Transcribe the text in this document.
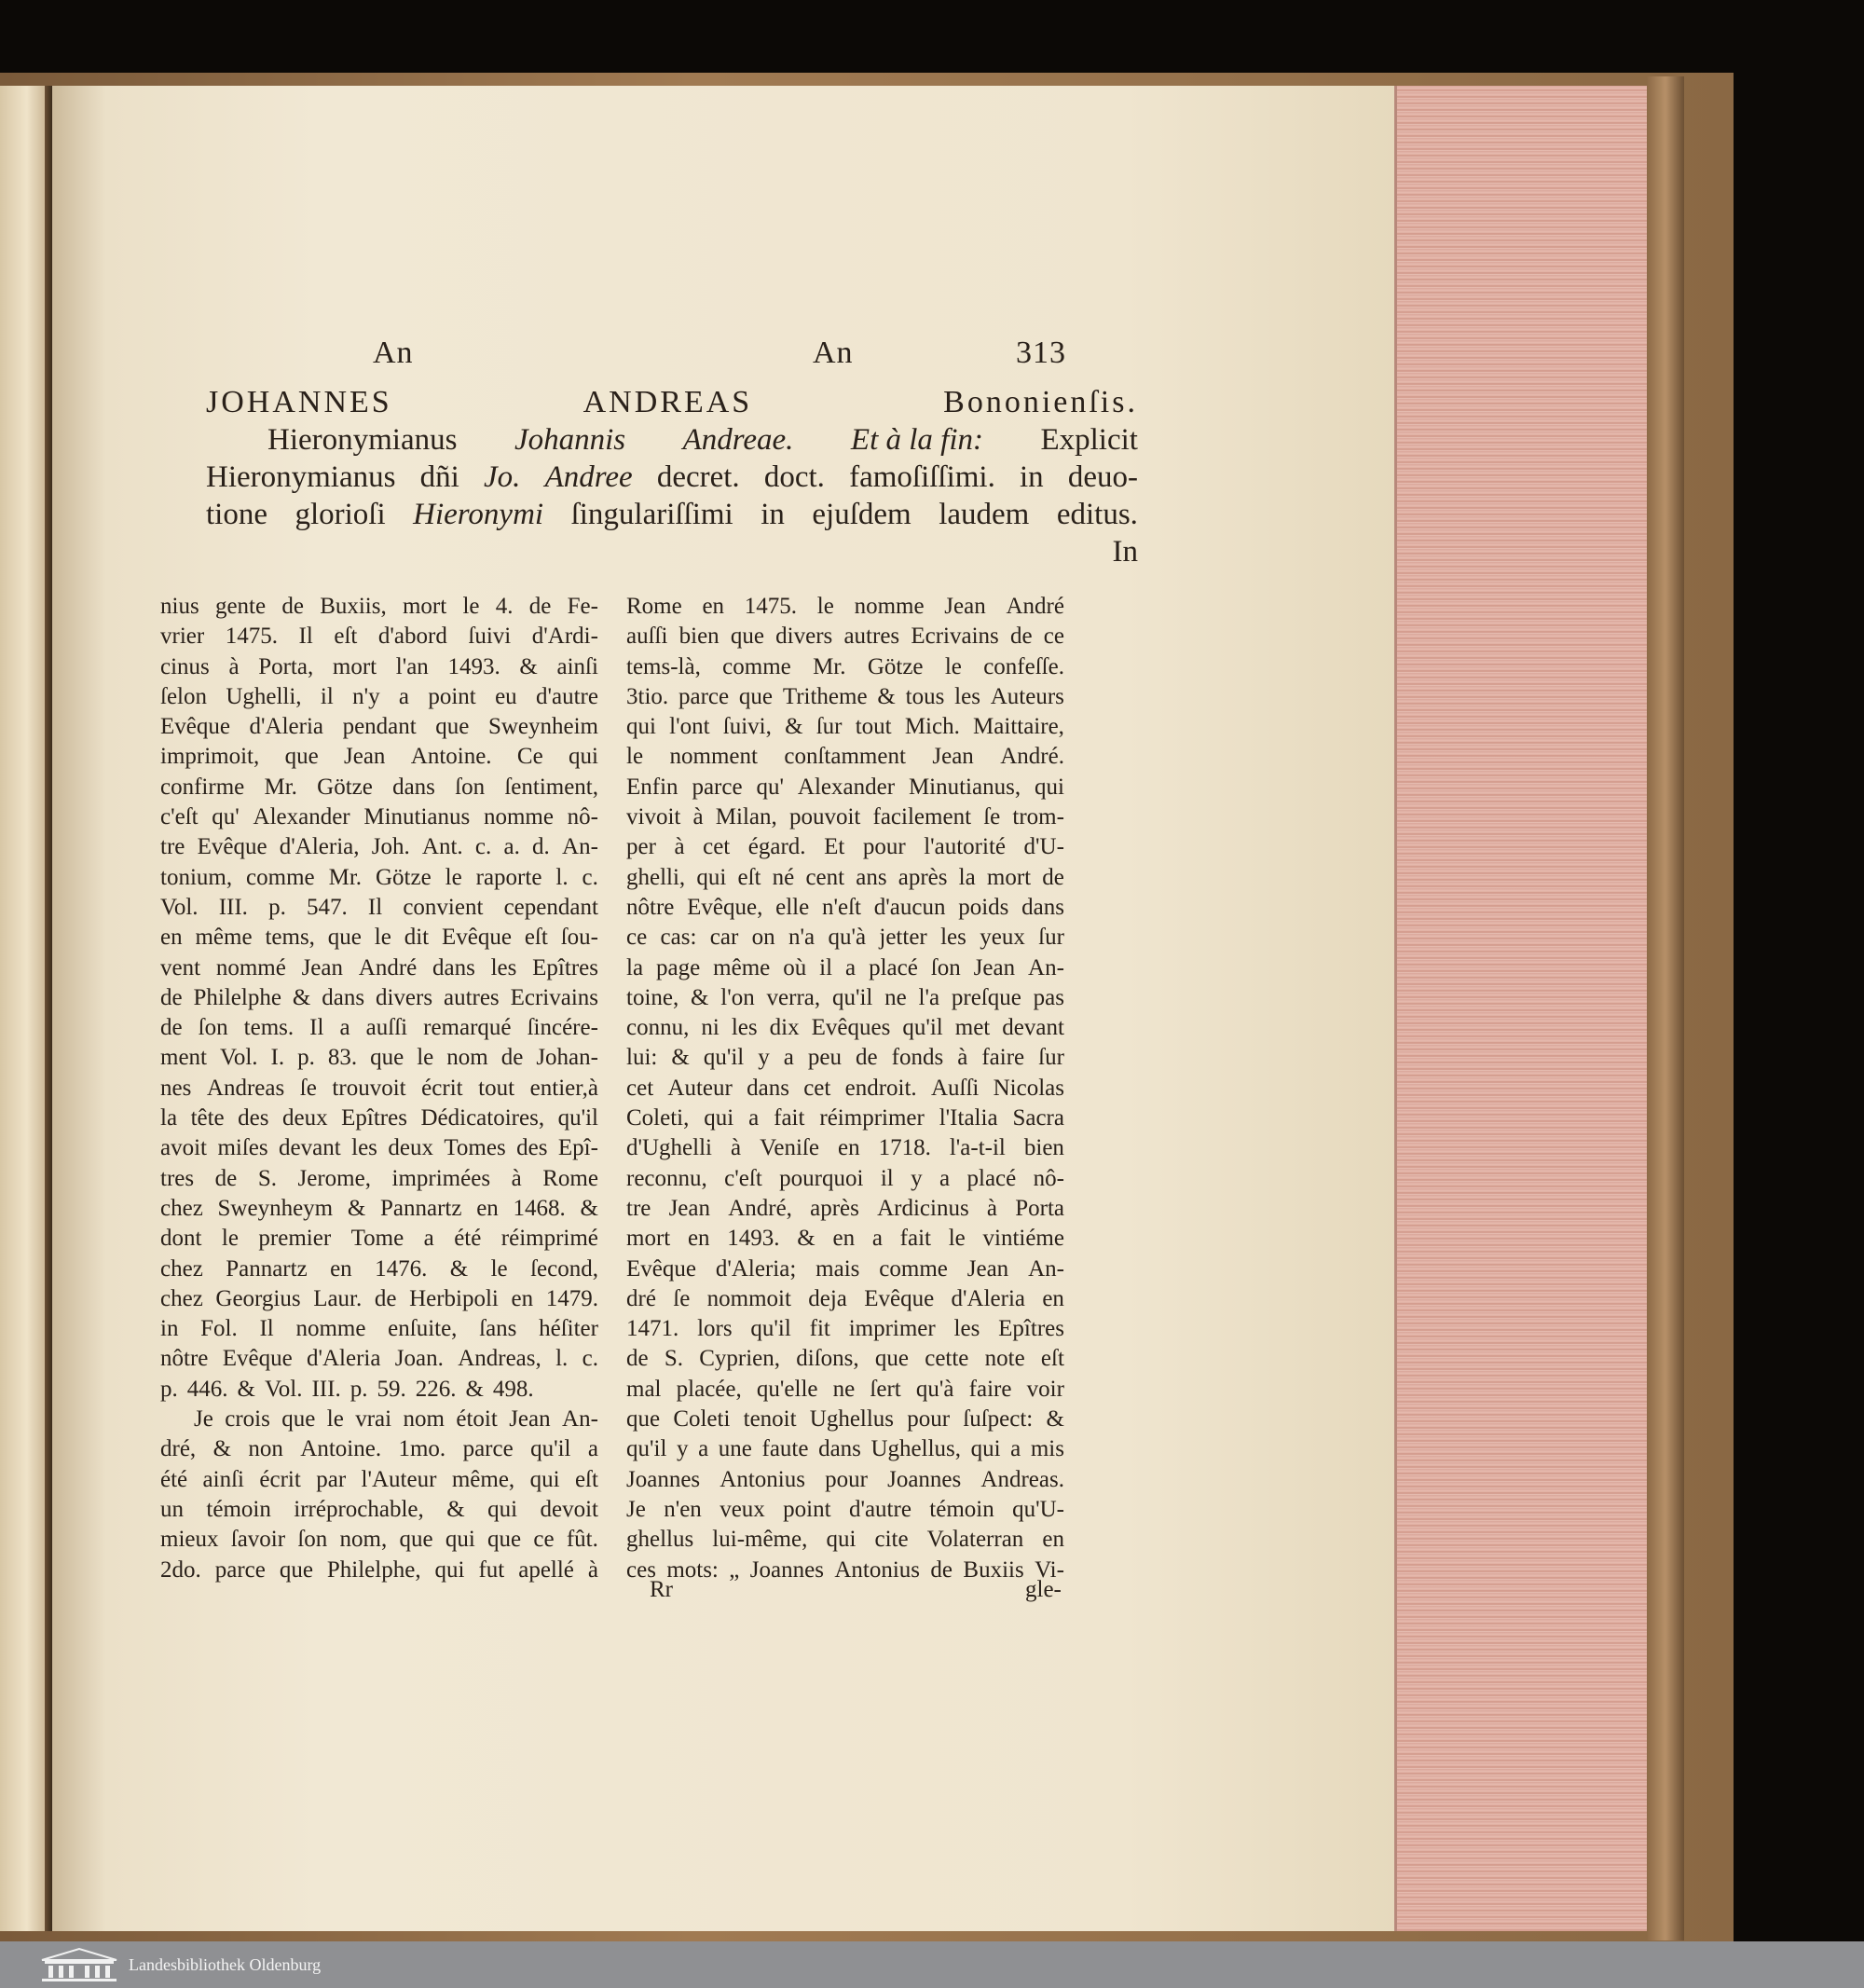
An	An	313
JOHANNES	ANDREAS	Bononienſis.
Hieronymianus Johannis Andreae. Et à la fin: Explicit
Hieronymianus dñi Jo. Andree decret. doct. famoſiſſimi. in deuo-
tione glorioſi Hieronymi ſingulariſſimi in ejuſdem laudem editus.
In
nius gente de Buxiis, mort le 4. de Fe-
vrier 1475. Il eſt d'abord ſuivi d'Ardi-
cinus à Porta, mort l'an 1493. & ainſi
ſelon Ughelli, il n'y a point eu d'autre
Evêque d'Aleria pendant que Sweynheim
imprimoit, que Jean Antoine. Ce qui
confirme Mr. Götze dans ſon ſentiment,
c'eſt qu' Alexander Minutianus nomme nô-
tre Evêque d'Aleria, Joh. Ant. c. a. d. An-
tonium, comme Mr. Götze le raporte l. c.
Vol. III. p. 547. Il convient cependant
en même tems, que le dit Evêque eſt ſou-
vent nommé Jean André dans les Epîtres
de Philelphe & dans divers autres Ecrivains
de ſon tems. Il a auſſi remarqué ſincére-
ment Vol. I. p. 83. que le nom de Johan-
nes Andreas ſe trouvoit écrit tout entier,à
la tête des deux Epîtres Dédicatoires, qu'il
avoit miſes devant les deux Tomes des Epî-
tres de S. Jerome, imprimées à Rome
chez Sweynheym & Pannartz en 1468. &
dont le premier Tome a été réimprimé
chez Pannartz en 1476. & le ſecond,
chez Georgius Laur. de Herbipoli en 1479.
in Fol. Il nomme enſuite, ſans héſiter
nôtre Evêque d'Aleria Joan. Andreas, l. c.
p. 446. & Vol. III. p. 59. 226. & 498.
Je crois que le vrai nom étoit Jean An-
dré, & non Antoine. 1mo. parce qu'il a
été ainſi écrit par l'Auteur même, qui eſt
un témoin irréprochable, & qui devoit
mieux ſavoir ſon nom, que qui que ce fût.
2do. parce que Philelphe, qui fut apellé à
Rome en 1475. le nomme Jean André
auſſi bien que divers autres Ecrivains de ce
tems-là, comme Mr. Götze le confeſſe.
3tio. parce que Tritheme & tous les Auteurs
qui l'ont ſuivi, & ſur tout Mich. Maittaire,
le nomment conſtamment Jean André.
Enfin parce qu' Alexander Minutianus, qui
vivoit à Milan, pouvoit facilement ſe trom-
per à cet égard. Et pour l'autorité d'U-
ghelli, qui eſt né cent ans après la mort de
nôtre Evêque, elle n'eſt d'aucun poids dans
ce cas: car on n'a qu'à jetter les yeux ſur
la page même où il a placé ſon Jean An-
toine, & l'on verra, qu'il ne l'a preſque pas
connu, ni les dix Evêques qu'il met devant
lui: & qu'il y a peu de fonds à faire ſur
cet Auteur dans cet endroit. Auſſi Nicolas
Coleti, qui a fait réimprimer l'Italia Sacra
d'Ughelli à Veniſe en 1718. l'a-t-il bien
reconnu, c'eſt pourquoi il y a placé nô-
tre Jean André, après Ardicinus à Porta
mort en 1493. & en a fait le vintiéme
Evêque d'Aleria; mais comme Jean An-
dré ſe nommoit deja Evêque d'Aleria en
1471. lors qu'il fit imprimer les Epîtres
de S. Cyprien, diſons, que cette note eſt
mal placée, qu'elle ne ſert qu'à faire voir
que Coleti tenoit Ughellus pour ſuſpect: &
qu'il y a une faute dans Ughellus, qui a mis
Joannes Antonius pour Joannes Andreas.
Je n'en veux point d'autre témoin qu'U-
ghellus lui-même, qui cite Volaterran en
ces mots: „ Joannes Antonius de Buxiis Vi-
Rr	gle-
Landesbibliothek Oldenburg
